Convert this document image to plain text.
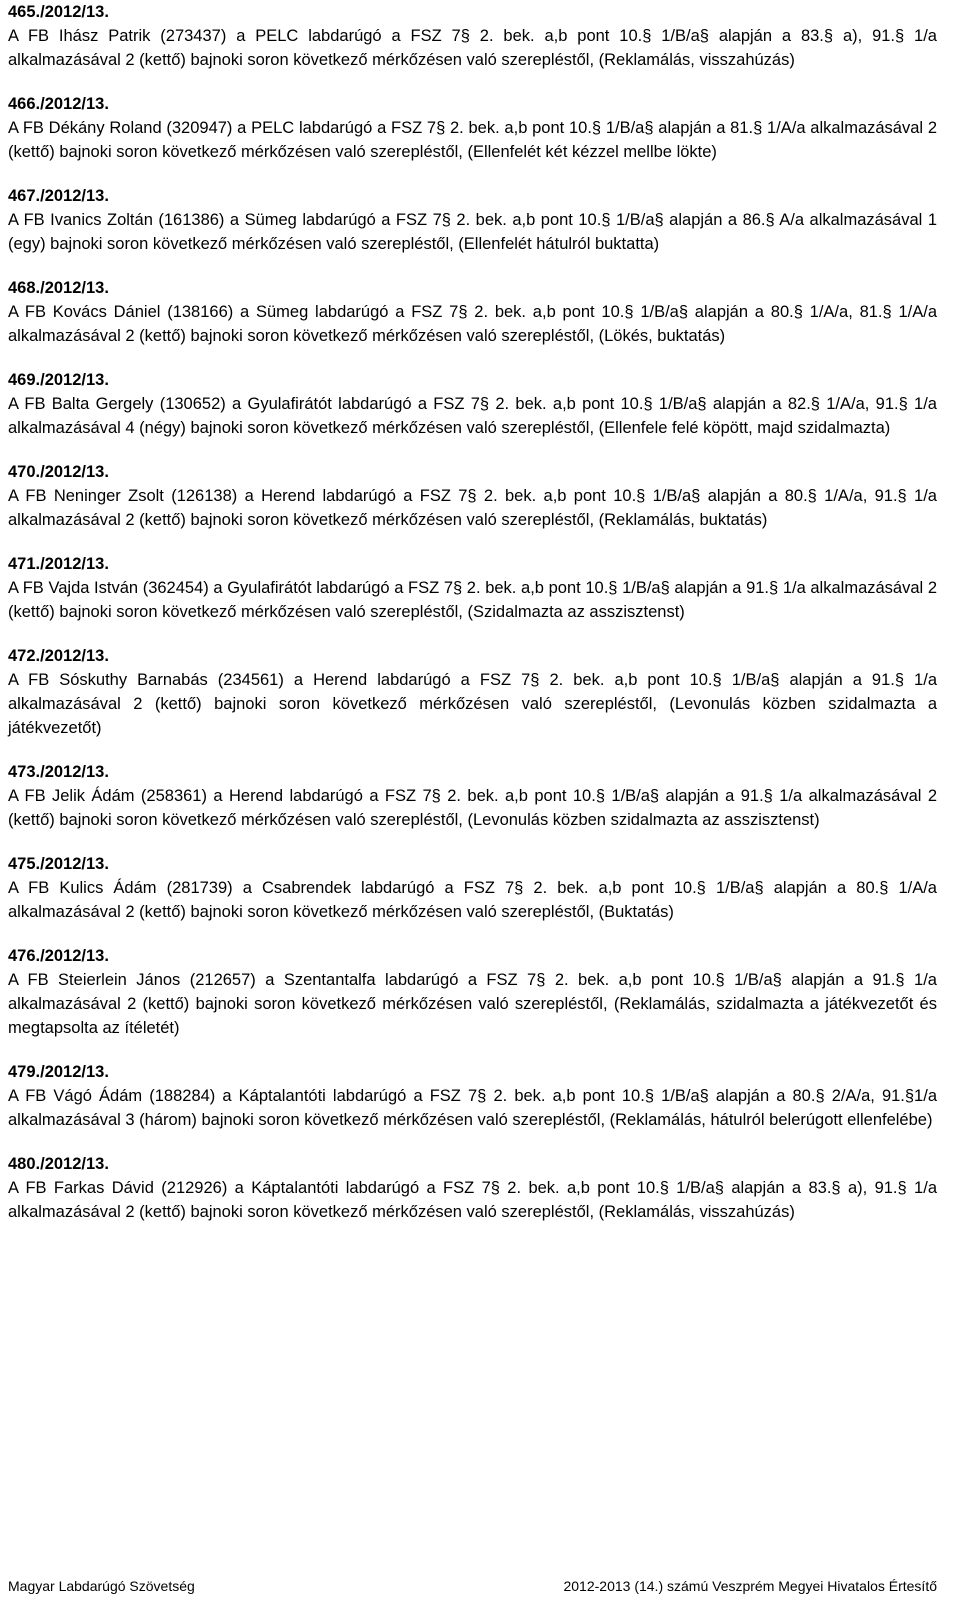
465./2012/13.

A FB Ihász Patrik (273437) a PELC labdarúgó a FSZ 7§ 2. bek. a,b pont 10.§ 1/B/a§ alapján a 83.§ a), 91.§ 1/a alkalmazásával 2 (kettő) bajnoki soron következő mérkőzésen való szerepléstől, (Reklamálás, visszahúzás)

466./2012/13.

A FB Dékány Roland (320947) a PELC labdarúgó a FSZ 7§ 2. bek. a,b pont 10.§ 1/B/a§ alapján a 81.§ 1/A/a alkalmazásával 2 (kettő) bajnoki soron következő mérkőzésen való szerepléstől, (Ellenfelét két kézzel mellbe lökte)

467./2012/13.

A FB Ivanics Zoltán (161386) a Sümeg labdarúgó a FSZ 7§ 2. bek. a,b pont 10.§ 1/B/a§ alapján a 86.§ A/a alkalmazásával 1 (egy) bajnoki soron következő mérkőzésen való szerepléstől, (Ellenfelét hátulról buktatta)

468./2012/13.

A FB Kovács Dániel (138166) a Sümeg labdarúgó a FSZ 7§ 2. bek. a,b pont 10.§ 1/B/a§ alapján a 80.§ 1/A/a, 81.§ 1/A/a alkalmazásával 2 (kettő) bajnoki soron következő mérkőzésen való szerepléstől, (Lökés, buktatás)

469./2012/13.

A FB Balta Gergely (130652) a Gyulafirátót labdarúgó a FSZ 7§ 2. bek. a,b pont 10.§ 1/B/a§ alapján a 82.§ 1/A/a, 91.§ 1/a alkalmazásával 4 (négy) bajnoki soron következő mérkőzésen való szerepléstől, (Ellenfele felé köpött, majd szidalmazta)

470./2012/13.

A FB Neninger Zsolt (126138) a Herend labdarúgó a FSZ 7§ 2. bek. a,b pont 10.§ 1/B/a§ alapján a 80.§ 1/A/a, 91.§ 1/a alkalmazásával 2 (kettő) bajnoki soron következő mérkőzésen való szerepléstől, (Reklamálás, buktatás)

471./2012/13.

A FB Vajda István (362454) a Gyulafirátót labdarúgó a FSZ 7§ 2. bek. a,b pont 10.§ 1/B/a§ alapján a 91.§ 1/a alkalmazásával 2 (kettő) bajnoki soron következő mérkőzésen való szerepléstől, (Szidalmazta az asszisztenst)

472./2012/13.

A FB Sóskuthy Barnabás (234561) a Herend labdarúgó a FSZ 7§ 2. bek. a,b pont 10.§ 1/B/a§ alapján a 91.§ 1/a alkalmazásával 2 (kettő) bajnoki soron következő mérkőzésen való szerepléstől, (Levonulás közben szidalmazta a játékvezetőt)

473./2012/13.

A FB Jelik Ádám (258361) a Herend labdarúgó a FSZ 7§ 2. bek. a,b pont 10.§ 1/B/a§ alapján a 91.§ 1/a alkalmazásával 2 (kettő) bajnoki soron következő mérkőzésen való szerepléstől, (Levonulás közben szidalmazta az asszisztenst)

475./2012/13.

A FB Kulics Ádám (281739) a Csabrendek labdarúgó a FSZ 7§ 2. bek. a,b pont 10.§ 1/B/a§ alapján a 80.§ 1/A/a alkalmazásával 2 (kettő) bajnoki soron következő mérkőzésen való szerepléstől, (Buktatás)

476./2012/13.

A FB Steierlein János (212657) a Szentantalfa labdarúgó a FSZ 7§ 2. bek. a,b pont 10.§ 1/B/a§ alapján a 91.§ 1/a alkalmazásával 2 (kettő) bajnoki soron következő mérkőzésen való szerepléstől, (Reklamálás, szidalmazta a játékvezetőt és megtapsolta az ítéletét)

479./2012/13.

A FB Vágó Ádám (188284) a Káptalantóti labdarúgó a FSZ 7§ 2. bek. a,b pont 10.§ 1/B/a§ alapján a 80.§ 2/A/a, 91.§1/a alkalmazásával 3 (három) bajnoki soron következő mérkőzésen való szerepléstől, (Reklamálás, hátulról belerúgott ellenfelébe)

480./2012/13.

A FB Farkas Dávid (212926) a Káptalantóti labdarúgó a FSZ 7§ 2. bek. a,b pont 10.§ 1/B/a§ alapján a 83.§ a), 91.§ 1/a alkalmazásával 2 (kettő) bajnoki soron következő mérkőzésen való szerepléstől, (Reklamálás, visszahúzás)

Magyar Labdarúgó Szövetség	2012-2013 (14.) számú Veszprém Megyei Hivatalos Értesítő
